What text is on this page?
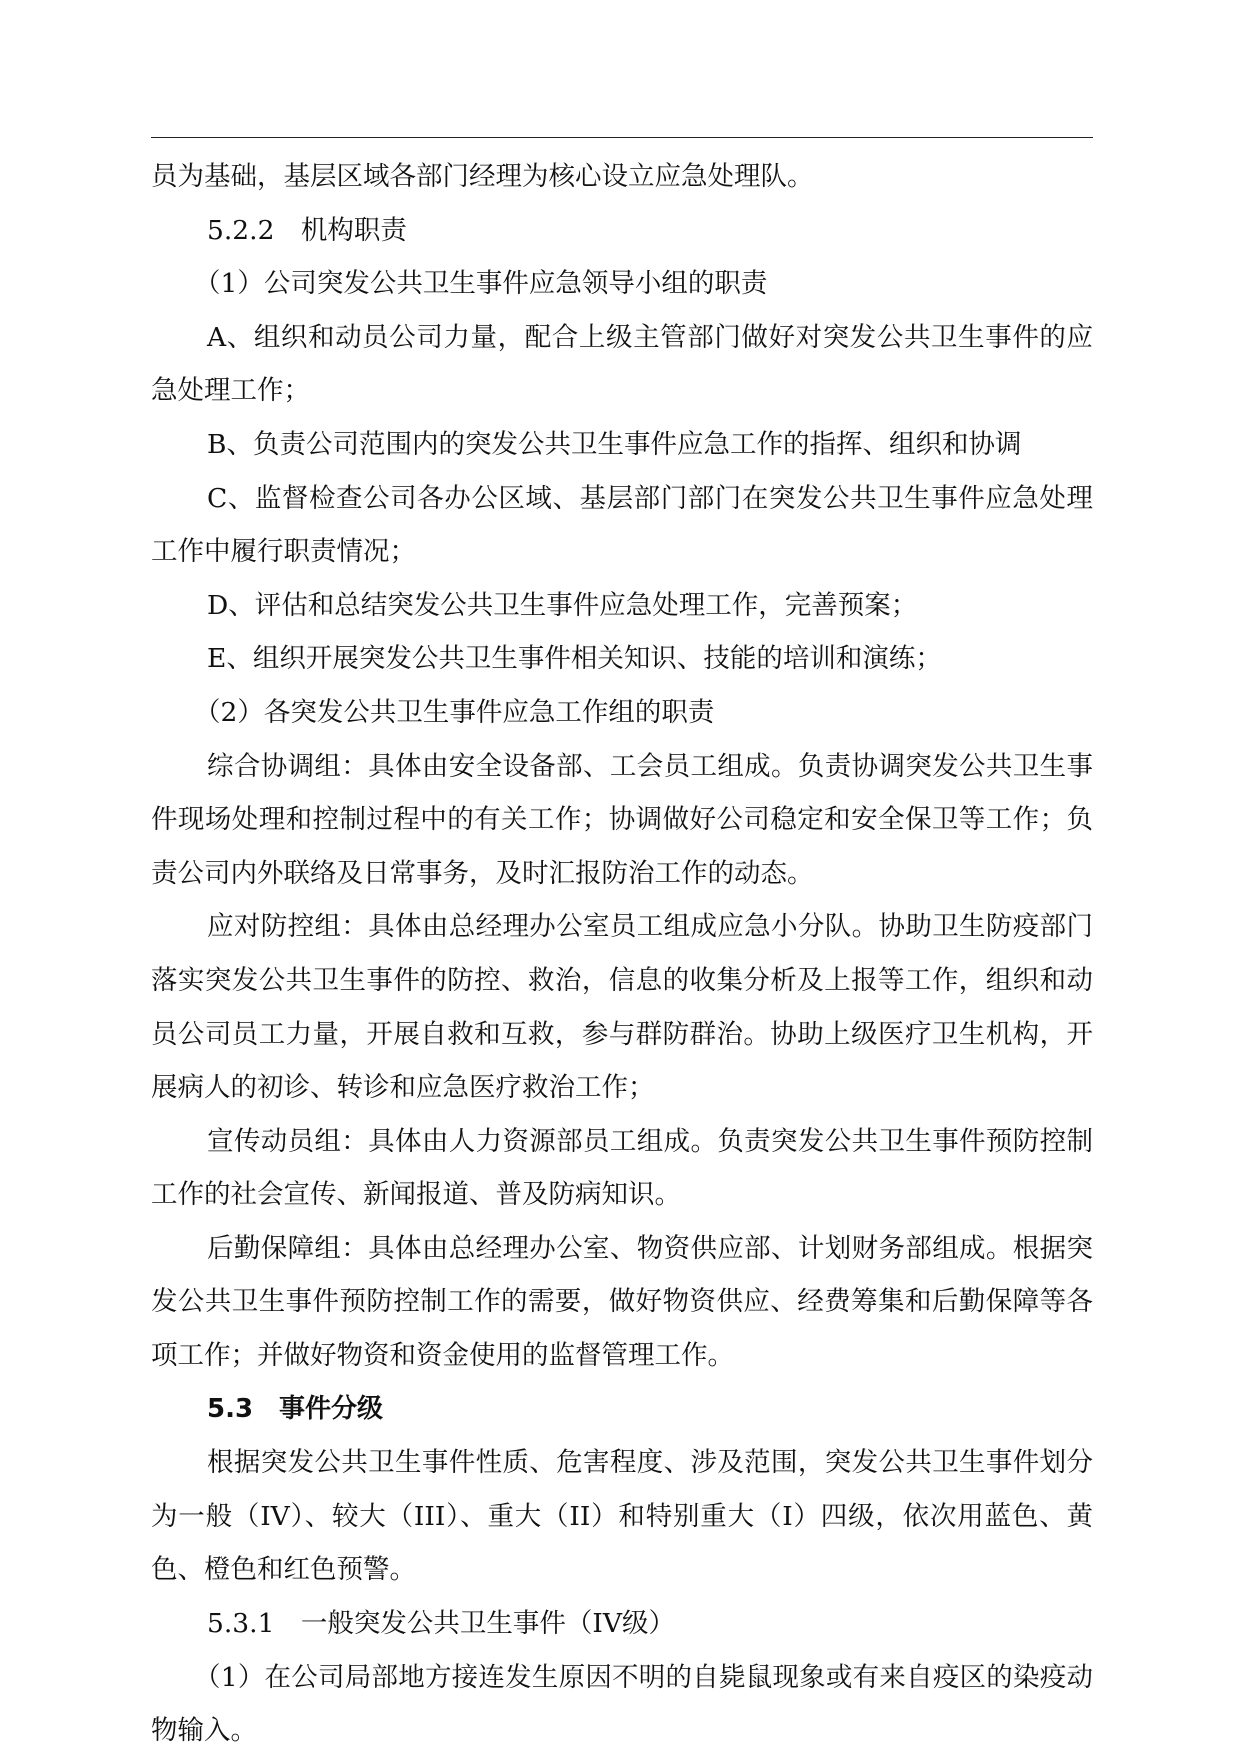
员为基础，基层区域各部门经理为核心设立应急处理队。

5.2.2　机构职责

（1）公司突发公共卫生事件应急领导小组的职责

A、组织和动员公司力量，配合上级主管部门做好对突发公共卫生事件的应急处理工作；

B、负责公司范围内的突发公共卫生事件应急工作的指挥、组织和协调

C、监督检查公司各办公区域、基层部门部门在突发公共卫生事件应急处理工作中履行职责情况；

D、评估和总结突发公共卫生事件应急处理工作，完善预案；

E、组织开展突发公共卫生事件相关知识、技能的培训和演练；

（2）各突发公共卫生事件应急工作组的职责

综合协调组：具体由安全设备部、工会员工组成。负责协调突发公共卫生事件现场处理和控制过程中的有关工作；协调做好公司稳定和安全保卫等工作；负责公司内外联络及日常事务，及时汇报防治工作的动态。

应对防控组：具体由总经理办公室员工组成应急小分队。协助卫生防疫部门落实突发公共卫生事件的防控、救治，信息的收集分析及上报等工作，组织和动员公司员工力量，开展自救和互救，参与群防群治。协助上级医疗卫生机构，开展病人的初诊、转诊和应急医疗救治工作；

宣传动员组：具体由人力资源部员工组成。负责突发公共卫生事件预防控制工作的社会宣传、新闻报道、普及防病知识。

后勤保障组：具体由总经理办公室、物资供应部、计划财务部组成。根据突发公共卫生事件预防控制工作的需要，做好物资供应、经费筹集和后勤保障等各项工作；并做好物资和资金使用的监督管理工作。

5.3　事件分级

根据突发公共卫生事件性质、危害程度、涉及范围，突发公共卫生事件划分为一般（IV）、较大（III）、重大（II）和特别重大（I）四级，依次用蓝色、黄色、橙色和红色预警。

5.3.1　一般突发公共卫生事件（IV级）

（1）在公司局部地方接连发生原因不明的自毙鼠现象或有来自疫区的染疫动物输入。
